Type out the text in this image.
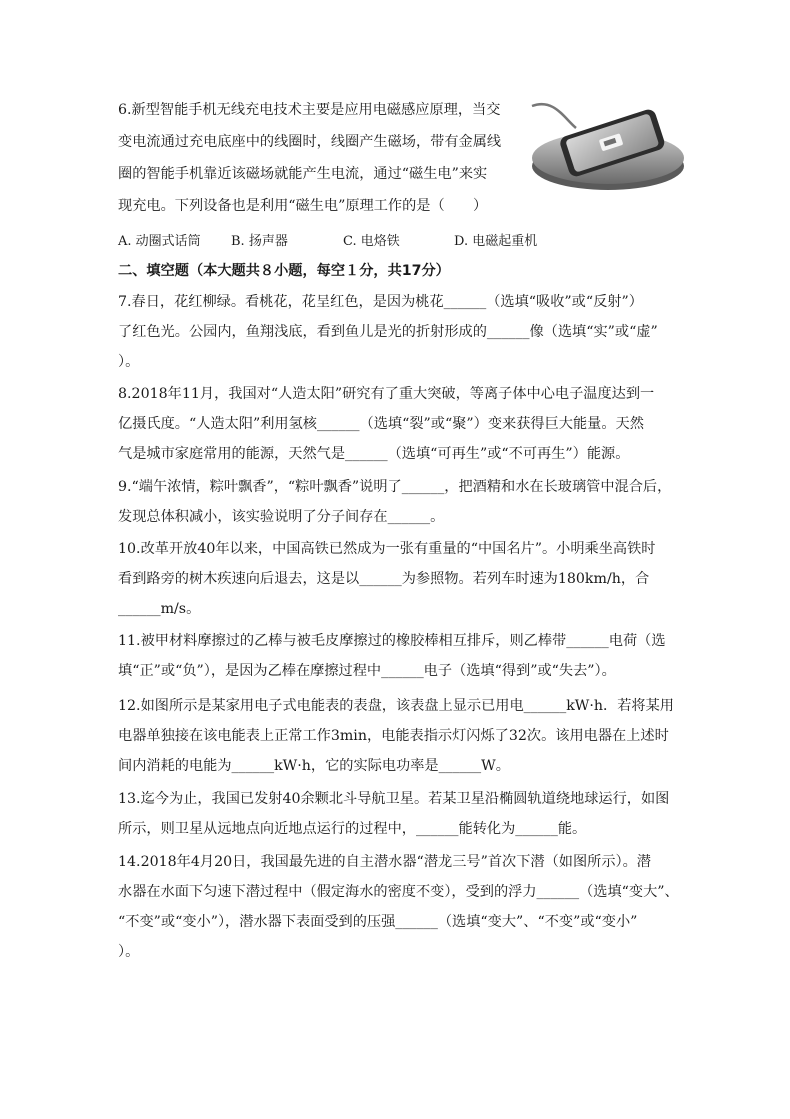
6.新型智能手机无线充电技术主要是应用电磁感应原理，当交

变电流通过充电底座中的线圈时，线圈产生磁场，带有金属线

圈的智能手机靠近该磁场就能产生电流，通过“磁生电”来实

现充电。下列设备也是利用“磁生电”原理工作的是（　　）

A. 动圈式话筒 B. 扬声器	C. 电烙铁	D. 电磁起重机

二、填空题（本大题共８小题，每空１分，共17分）

7.春日，花红柳绿。看桃花，花呈红色，是因为桃花______（选填“吸收”或“反射”）

了红色光。公园内，鱼翔浅底，看到鱼儿是光的折射形成的______像（选填“实”或“虚”

）。

8.2018年11月，我国对“人造太阳”研究有了重大突破，等离子体中心电子温度达到一

亿摄氏度。“人造太阳”利用氢核______（选填“裂”或“聚”）变来获得巨大能量。天然

气是城市家庭常用的能源，天然气是______（选填“可再生”或“不可再生”）能源。

9.“端午浓情，粽叶飘香”，“粽叶飘香”说明了______，把酒精和水在长玻璃管中混合后，

发现总体积减小，该实验说明了分子间存在______。

10.改革开放40年以来，中国高铁已然成为一张有重量的“中国名片”。小明乘坐高铁时

看到路旁的树木疾速向后退去，这是以______为参照物。若列车时速为180km/h，合

______m/s。

11.被甲材料摩擦过的乙棒与被毛皮摩擦过的橡胶棒相互排斥，则乙棒带______电荷（选

填“正”或“负”），是因为乙棒在摩擦过程中______电子（选填“得到”或“失去”）。

12.如图所示是某家用电子式电能表的表盘，该表盘上显示已用电______kW·h．若将某用

电器单独接在该电能表上正常工作3min，电能表指示灯闪烁了32次。该用电器在上述时

间内消耗的电能为______kW·h，它的实际电功率是______W。

13.迄今为止，我国已发射40余颗北斗导航卫星。若某卫星沿椭圆轨道绕地球运行，如图

所示，则卫星从远地点向近地点运行的过程中，______能转化为______能。

14.2018年4月20日，我国最先进的自主潜水器“潜龙三号”首次下潜（如图所示）。潜

水器在水面下匀速下潜过程中（假定海水的密度不变），受到的浮力______（选填“变大”、

“不变”或“变小”），潜水器下表面受到的压强______（选填“变大”、“不变”或“变小”

）。
